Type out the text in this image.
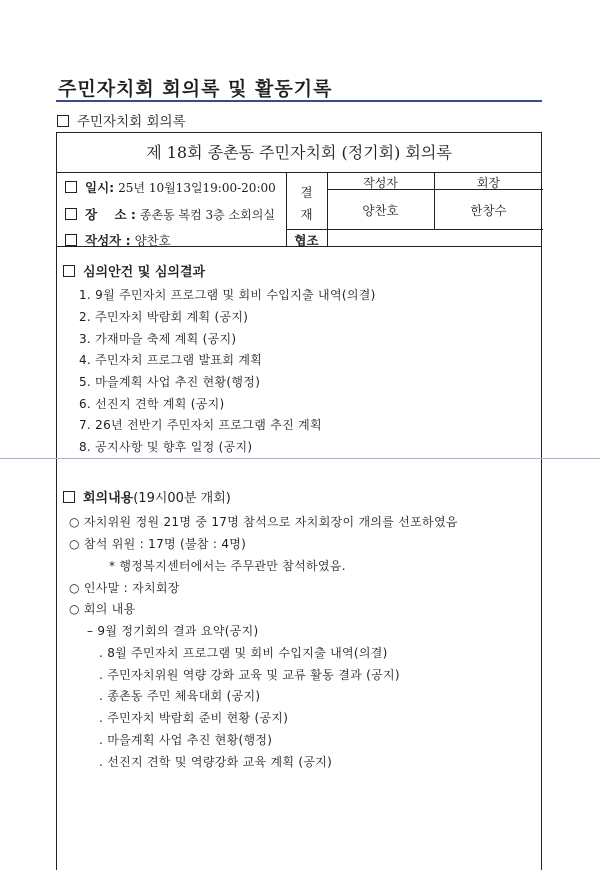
주민자치회 회의록 및 활동기록
주민자치회 회의록
제 18회 종촌동 주민자치회 (정기회) 회의록
일시: 25년 10월13일19:00-20:00
장    소 : 종촌동 복컴 3층 소회의실
작성자 : 양찬호
결
재
작성자	회장
양찬호	한창수
협조
심의안건 및 심의결과
1. 9월 주민자치 프로그램 및 회비 수입지출 내역(의결)
2. 주민자치 박람회 계획 (공지)
3. 가재마을 축제 계획 (공지)
4. 주민자치 프로그램 발표회 계획
5. 마을계획 사업 추진 현황(행정)
6. 선진지 견학 계획 (공지)
7. 26년 전반기 주민자치 프로그램 추진 계획
8. 공지사항 및 향후 일정 (공지)
회의내용(19시00분 개회)
○ 자치위원 정원 21명 중 17명 참석으로 자치회장이 개의를 선포하였음
○ 참석 위원 : 17명 (불참 : 4명)
* 행정복지센터에서는 주무관만 참석하였음.
○ 인사말 : 자치회장
○ 회의 내용
– 9월 정기회의 결과 요약(공지)
. 8월 주민자치 프로그램 및 회비 수입지출 내역(의결)
. 주민자치위원 역량 강화 교육 및 교류 활동 결과 (공지)
. 종촌동 주민 체육대회 (공지)
. 주민자치 박람회 준비 현황 (공지)
. 마을계획 사업 추진 현황(행정)
. 선진지 견학 및 역량강화 교육 계획 (공지)
